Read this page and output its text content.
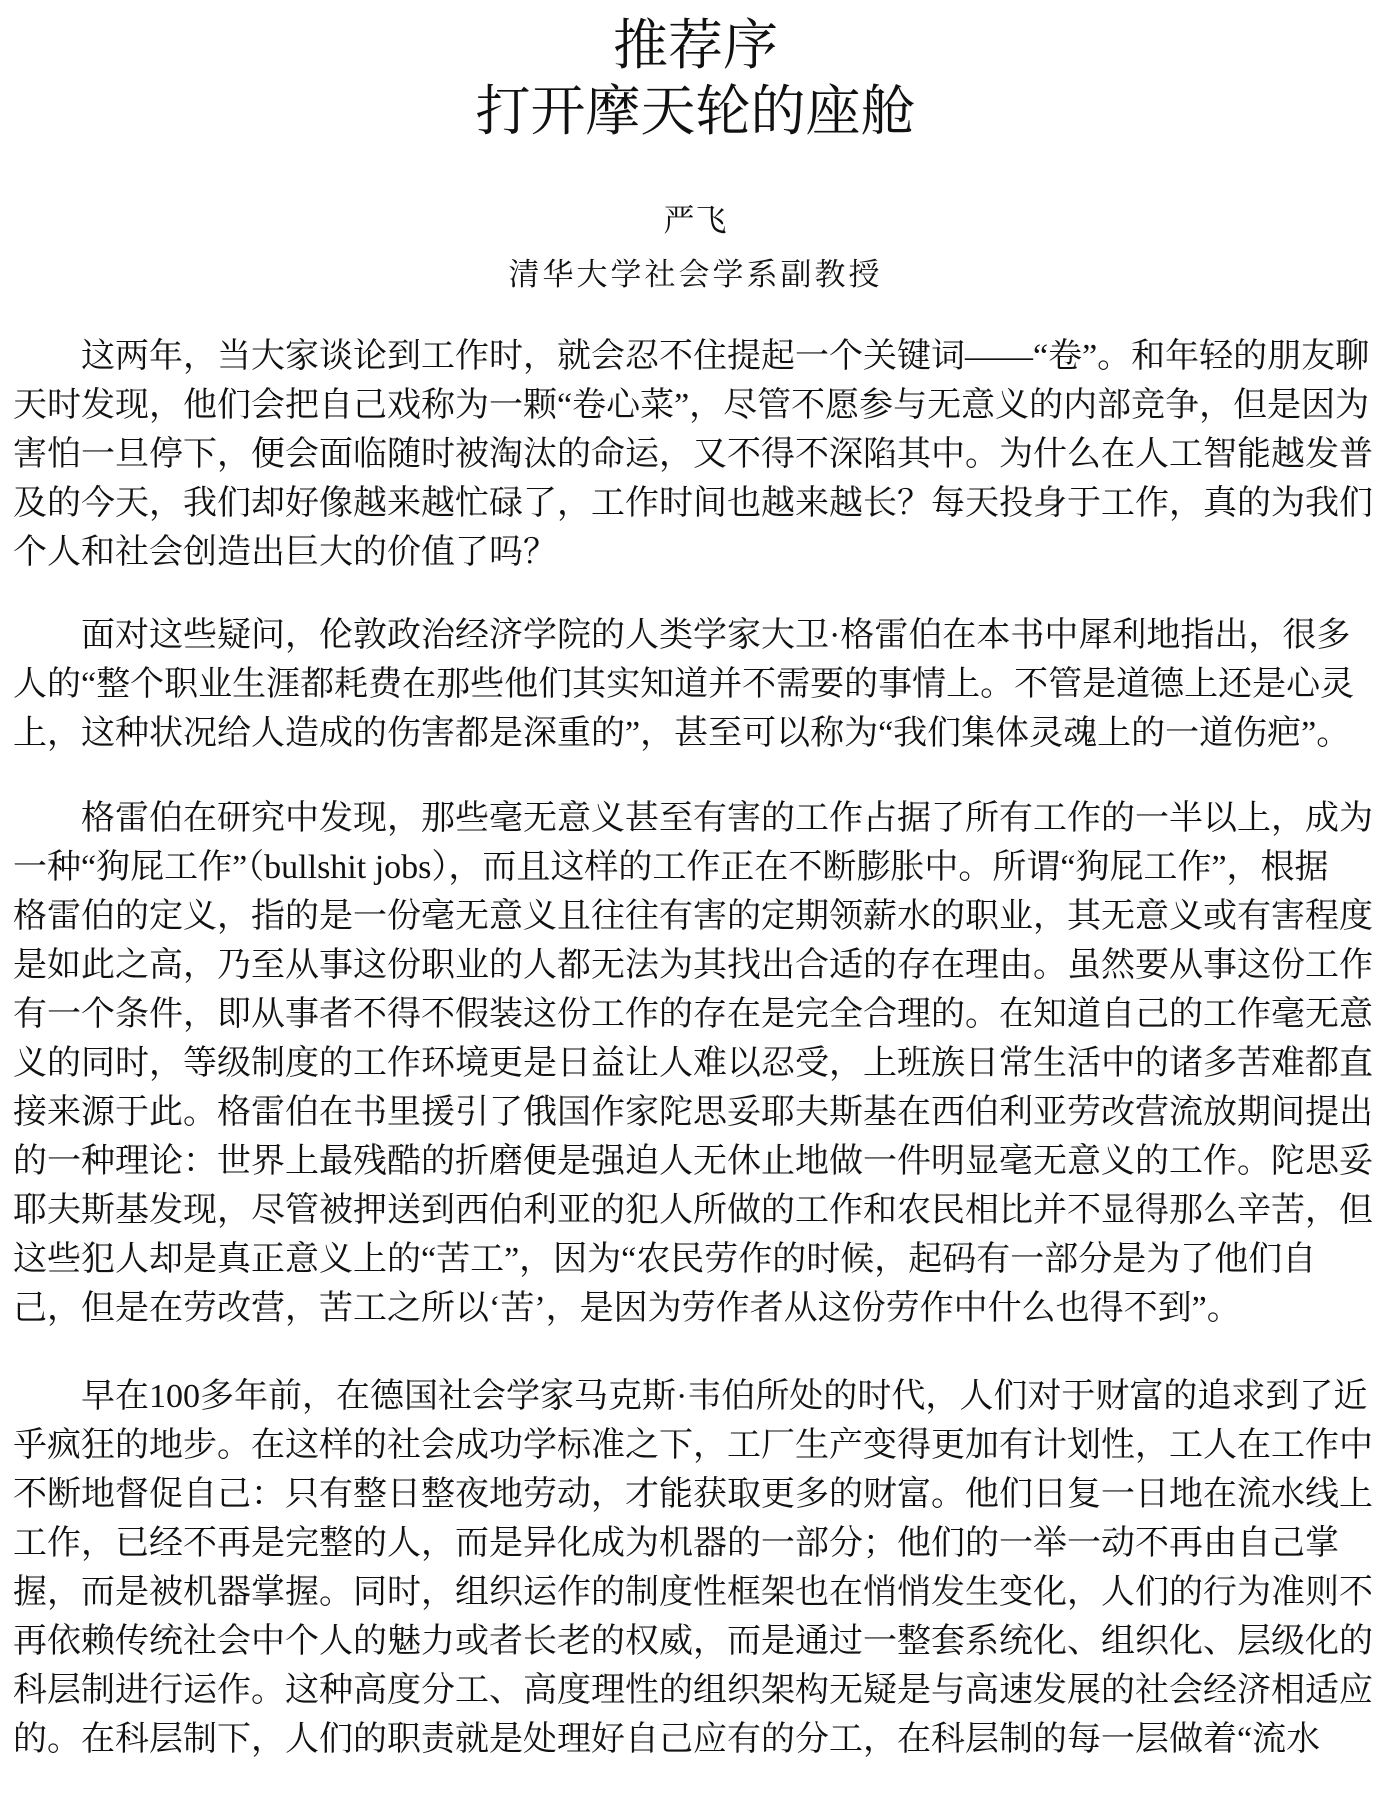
推荐序
打开摩天轮的座舱
严飞
清华大学社会学系副教授
这两年，当大家谈论到工作时，就会忍不住提起一个关键词——“卷”。和年轻的朋友聊
天时发现，他们会把自己戏称为一颗“卷心菜”，尽管不愿参与无意义的内部竞争，但是因为
害怕一旦停下，便会面临随时被淘汰的命运，又不得不深陷其中。为什么在人工智能越发普
及的今天，我们却好像越来越忙碌了，工作时间也越来越长？每天投身于工作，真的为我们
个人和社会创造出巨大的价值了吗？
面对这些疑问，伦敦政治经济学院的人类学家大卫·格雷伯在本书中犀利地指出，很多
人的“整个职业生涯都耗费在那些他们其实知道并不需要的事情上。不管是道德上还是心灵
上，这种状况给人造成的伤害都是深重的”，甚至可以称为“我们集体灵魂上的一道伤疤”。
格雷伯在研究中发现，那些毫无意义甚至有害的工作占据了所有工作的一半以上，成为
一种“狗屁工作”（bullshit jobs），而且这样的工作正在不断膨胀中。所谓“狗屁工作”，根据
格雷伯的定义，指的是一份毫无意义且往往有害的定期领薪水的职业，其无意义或有害程度
是如此之高，乃至从事这份职业的人都无法为其找出合适的存在理由。虽然要从事这份工作
有一个条件，即从事者不得不假装这份工作的存在是完全合理的。在知道自己的工作毫无意
义的同时，等级制度的工作环境更是日益让人难以忍受，上班族日常生活中的诸多苦难都直
接来源于此。格雷伯在书里援引了俄国作家陀思妥耶夫斯基在西伯利亚劳改营流放期间提出
的一种理论：世界上最残酷的折磨便是强迫人无休止地做一件明显毫无意义的工作。陀思妥
耶夫斯基发现，尽管被押送到西伯利亚的犯人所做的工作和农民相比并不显得那么辛苦，但
这些犯人却是真正意义上的“苦工”，因为“农民劳作的时候，起码有一部分是为了他们自
己，但是在劳改营，苦工之所以‘苦’，是因为劳作者从这份劳作中什么也得不到”。
早在100多年前，在德国社会学家马克斯·韦伯所处的时代，人们对于财富的追求到了近
乎疯狂的地步。在这样的社会成功学标准之下，工厂生产变得更加有计划性，工人在工作中
不断地督促自己：只有整日整夜地劳动，才能获取更多的财富。他们日复一日地在流水线上
工作，已经不再是完整的人，而是异化成为机器的一部分；他们的一举一动不再由自己掌
握，而是被机器掌握。同时，组织运作的制度性框架也在悄悄发生变化，人们的行为准则不
再依赖传统社会中个人的魅力或者长老的权威，而是通过一整套系统化、组织化、层级化的
科层制进行运作。这种高度分工、高度理性的组织架构无疑是与高速发展的社会经济相适应
的。在科层制下，人们的职责就是处理好自己应有的分工，在科层制的每一层做着“流水
